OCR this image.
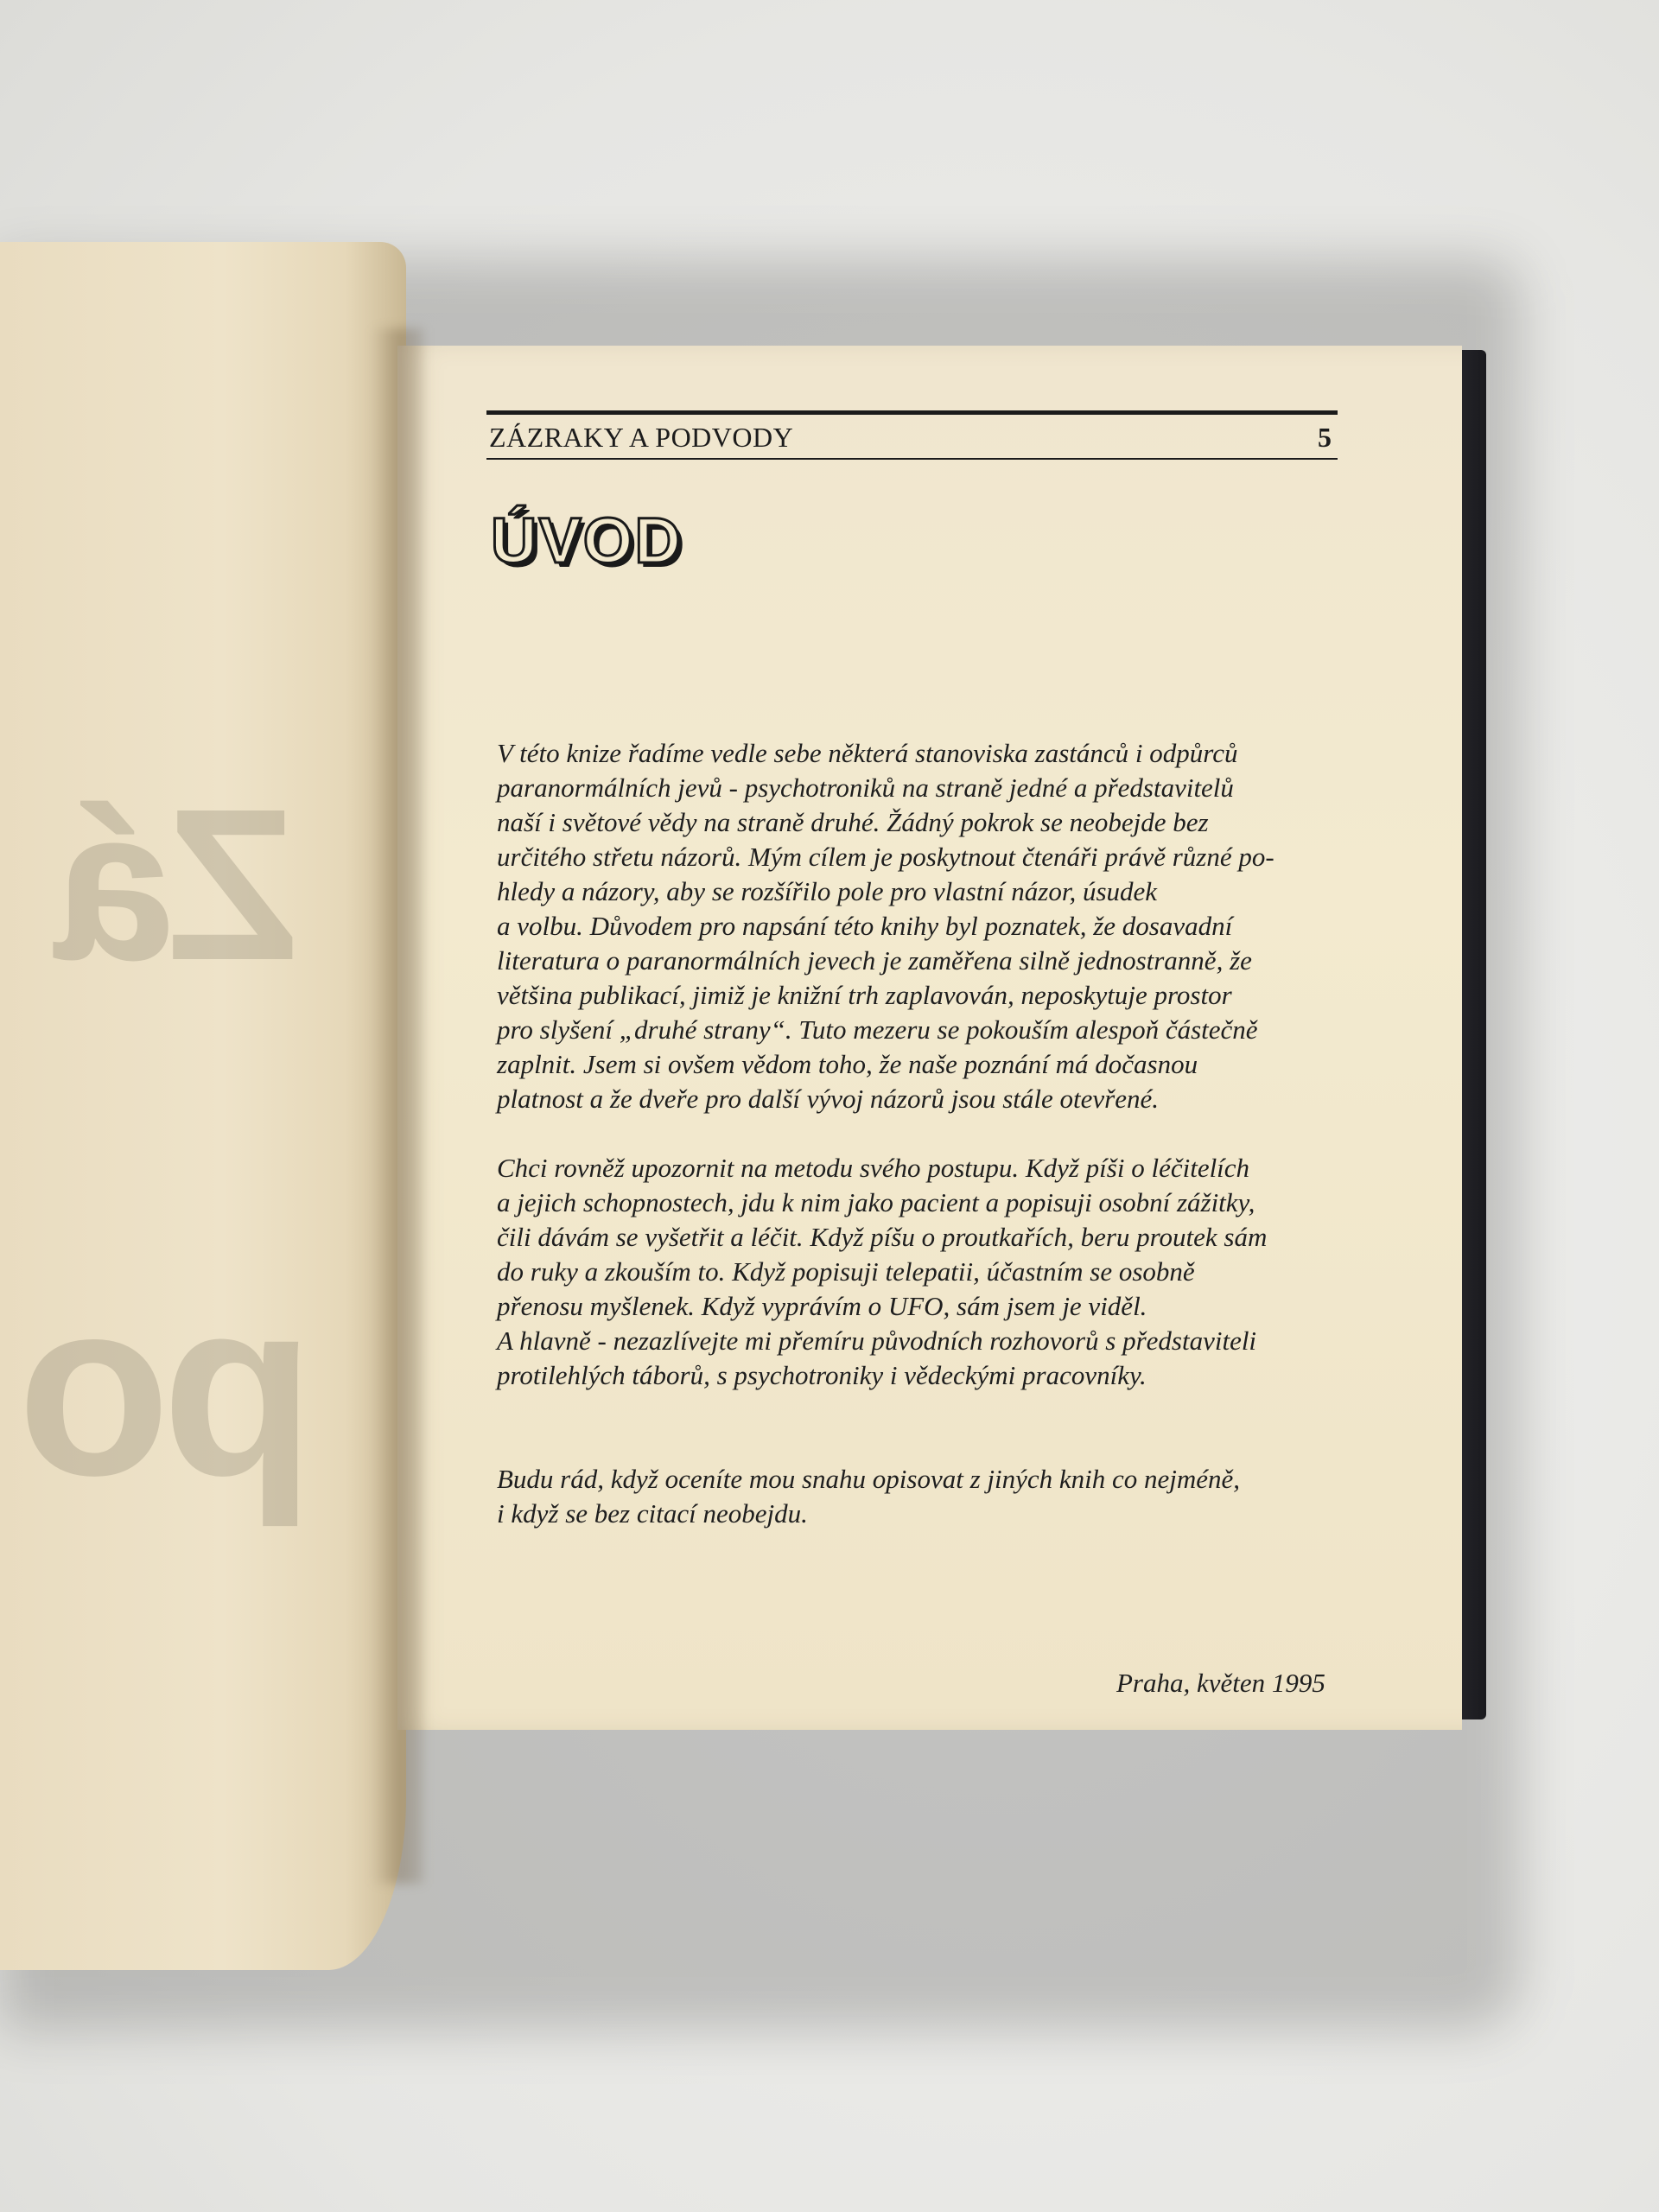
Zá
po
ZÁZRAKY A PODVODY	5
ÚVOD

V této knize řadíme vedle sebe některá stanoviska zastánců i odpůrců

paranormálních jevů - psychotroniků na straně jedné a představitelů

naší i světové vědy na straně druhé. Žádný pokrok se neobejde bez

určitého střetu názorů. Mým cílem je poskytnout čtenáři právě různé po-

hledy a názory, aby se rozšířilo pole pro vlastní názor, úsudek

a volbu. Důvodem pro napsání této knihy byl poznatek, že dosavadní

literatura o paranormálních jevech je zaměřena silně jednostranně, že

většina publikací, jimiž je knižní trh zaplavován, neposkytuje prostor

pro slyšení „druhé strany“. Tuto mezeru se pokouším alespoň částečně

zaplnit. Jsem si ovšem vědom toho, že naše poznání má dočasnou

platnost a že dveře pro další vývoj názorů jsou stále otevřené.

Chci rovněž upozornit na metodu svého postupu. Když píši o léčitelích

a jejich schopnostech, jdu k nim jako pacient a popisuji osobní zážitky,

čili dávám se vyšetřit a léčit. Když píšu o proutkařích, beru proutek sám

do ruky a zkouším to. Když popisuji telepatii, účastním se osobně

přenosu myšlenek. Když vyprávím o UFO, sám jsem je viděl.

A hlavně - nezazlívejte mi přemíru původních rozhovorů s představiteli

protilehlých táborů, s psychotroniky i vědeckými pracovníky.

Budu rád, když oceníte mou snahu opisovat z jiných knih co nejméně,

i když se bez citací neobejdu.

Praha, květen 1995
